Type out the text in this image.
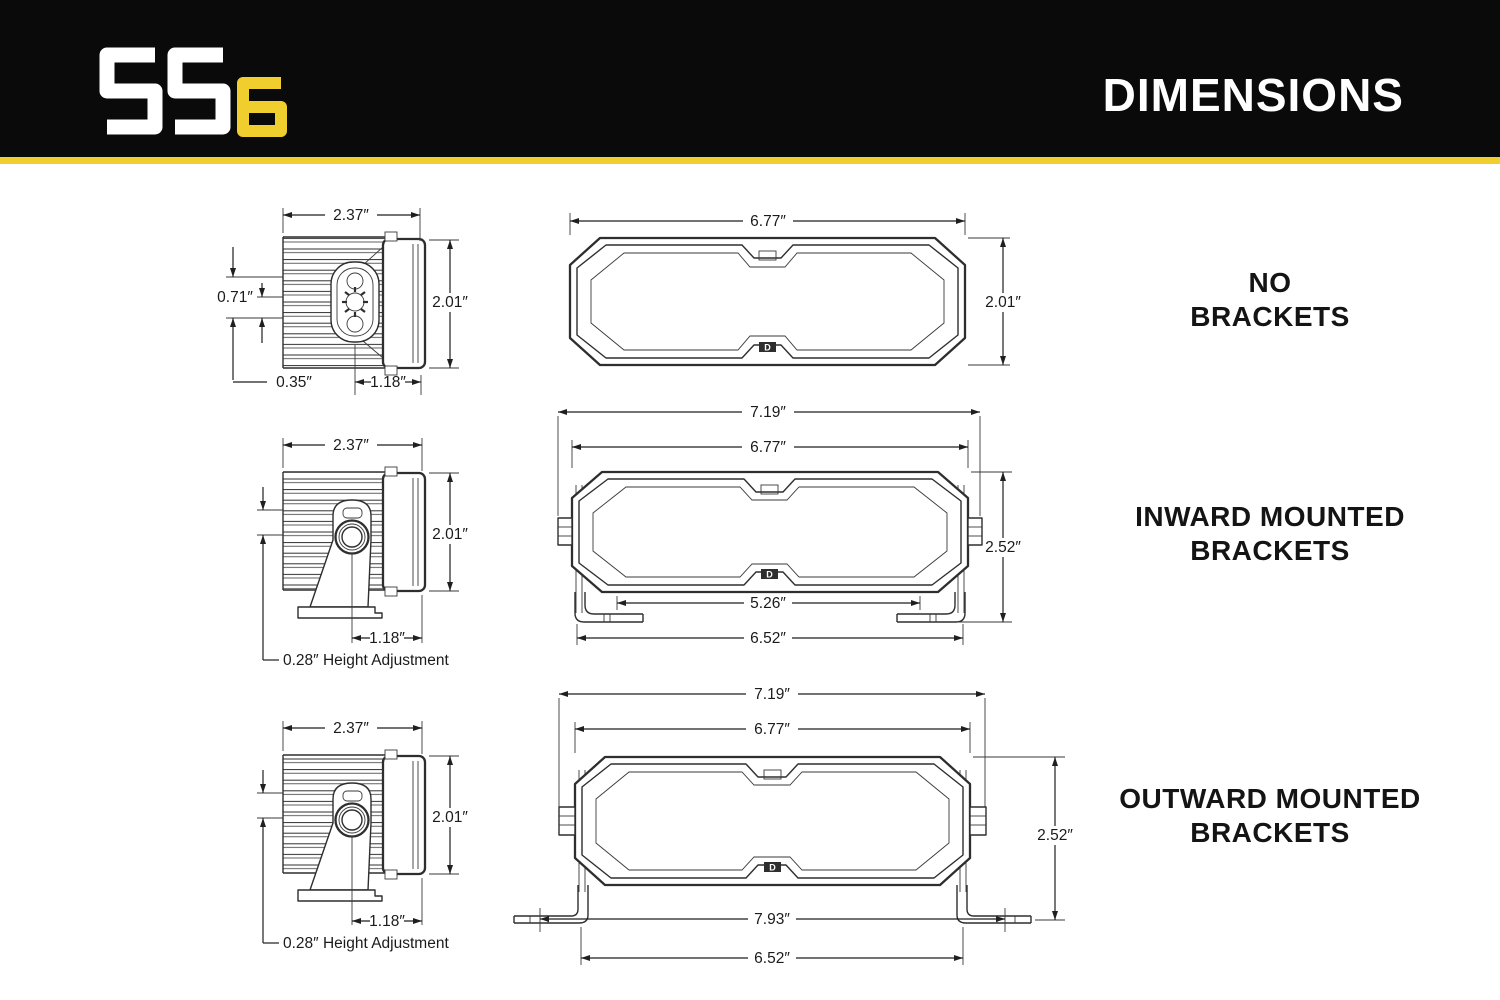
DIMENSIONS
2.37″
0.71″	2.01″
0.35″	1.18″
D
6.77″
2.01″
NO
BRACKETS
2.37″
0.28″ Height Adjustment
2.01″
1.18″
7.19″
6.77″
D
5.26″
6.52″
2.52″
INWARD MOUNTED
BRACKETS
2.37″
0.28″ Height Adjustment
2.01″
1.18″
7.19″
6.77″
D
7.93″
6.52″
2.52″
OUTWARD MOUNTED
BRACKETS
